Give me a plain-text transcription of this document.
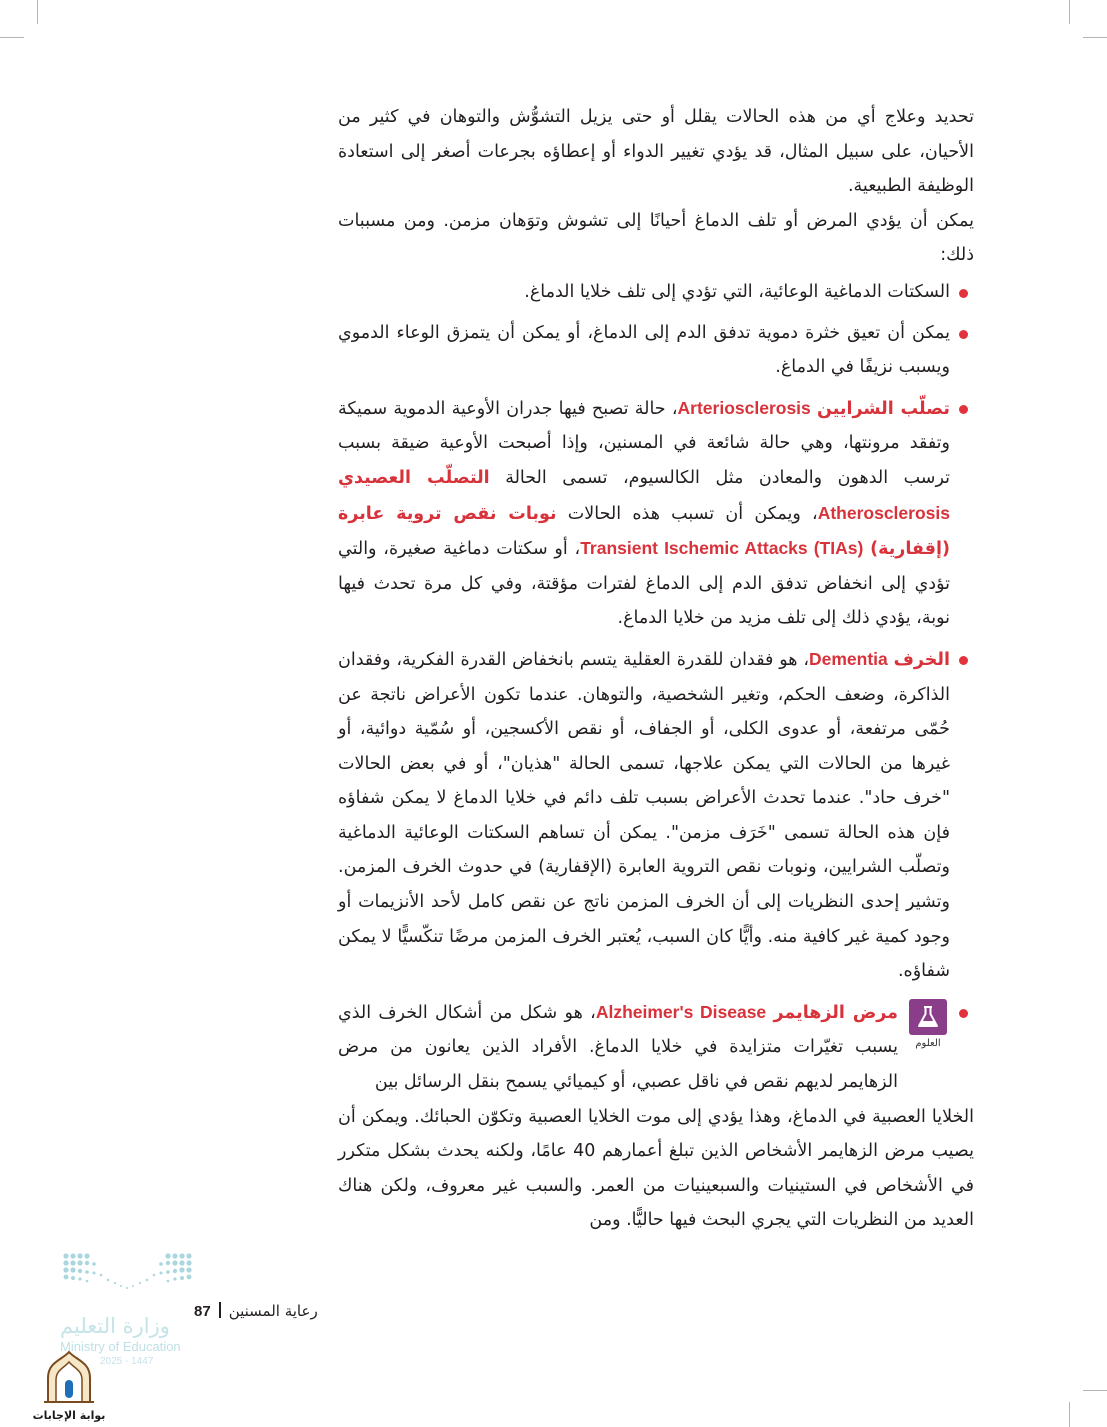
تحديد وعلاج أي من هذه الحالات يقلل أو حتى يزيل التشوُّش والتوهان في كثير من الأحيان، على سبيل المثال، قد يؤدي تغيير الدواء أو إعطاؤه بجرعات أصغر إلى استعادة الوظيفة الطبيعية.

يمكن أن يؤدي المرض أو تلف الدماغ أحيانًا إلى تشوش وتوَهان مزمن. ومن مسببات ذلك:

السكتات الدماغية الوعائية، التي تؤدي إلى تلف خلايا الدماغ.
يمكن أن تعيق خثرة دموية تدفق الدم إلى الدماغ، أو يمكن أن يتمزق الوعاء الدموي ويسبب نزيفًا في الدماغ.
تصلّب الشرايين Arteriosclerosis، حالة تصبح فيها جدران الأوعية الدموية سميكة وتفقد مرونتها، وهي حالة شائعة في المسنين، وإذا أصبحت الأوعية ضيقة بسبب ترسب الدهون والمعادن مثل الكالسيوم، تسمى الحالة التصلّب العصيدي Atherosclerosis، ويمكن أن تسبب هذه الحالات نوبات نقص تروية عابرة (إقفارية) Transient Ischemic Attacks (TIAs)، أو سكتات دماغية صغيرة، والتي تؤدي إلى انخفاض تدفق الدم إلى الدماغ لفترات مؤقتة، وفي كل مرة تحدث فيها نوبة، يؤدي ذلك إلى تلف مزيد من خلايا الدماغ.
الخرف Dementia، هو فقدان للقدرة العقلية يتسم بانخفاض القدرة الفكرية، وفقدان الذاكرة، وضعف الحكم، وتغير الشخصية، والتوهان. عندما تكون الأعراض ناتجة عن حُمّى مرتفعة، أو عدوى الكلى، أو الجفاف، أو نقص الأكسجين، أو سُمّية دوائية، أو غيرها من الحالات التي يمكن علاجها، تسمى الحالة "هذيان"، أو في بعض الحالات "خرف حاد". عندما تحدث الأعراض بسبب تلف دائم في خلايا الدماغ لا يمكن شفاؤه فإن هذه الحالة تسمى "خَرَف مزمن". يمكن أن تساهم السكتات الوعائية الدماغية وتصلّب الشرايين، ونوبات نقص التروية العابرة (الإقفارية) في حدوث الخرف المزمن. وتشير إحدى النظريات إلى أن الخرف المزمن ناتج عن نقص كامل لأحد الأنزيمات أو وجود كمية غير كافية منه. وأيًّا كان السبب، يُعتبر الخرف المزمن مرضًا تنكّسيًّا لا يمكن شفاؤه.
العلوم
مرض الزهايمر Alzheimer's Disease، هو شكل من أشكال الخرف الذي يسبب تغيّرات متزايدة في خلايا الدماغ. الأفراد الذين يعانون من مرض الزهايمر لديهم نقص في ناقل عصبي، أو كيميائي يسمح بنقل الرسائل بين
الخلايا العصبية في الدماغ، وهذا يؤدي إلى موت الخلايا العصبية وتكوّن الحبائك. ويمكن أن يصيب مرض الزهايمر الأشخاص الذين تبلغ أعمارهم 40 عامًا، ولكنه يحدث بشكل متكرر في الأشخاص في الستينيات والسبعينيات من العمر. والسبب غير معروف، ولكن هناك العديد من النظريات التي يجري البحث فيها حاليًّا. ومن
رعاية المسنين87
وزارة التعليم
Ministry of Education
2025 - 1447
بوابة الإجابات
